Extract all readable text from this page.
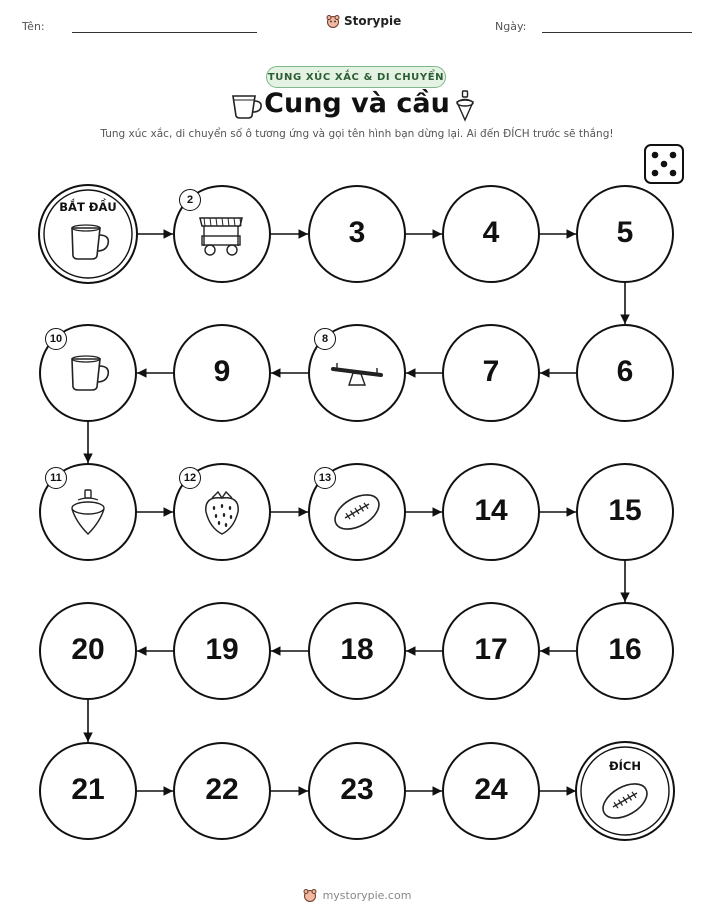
Tên:	Ngày:
Storypie
TUNG XÚC XẮC & DI CHUYỂN
Cung và cầu
Tung xúc xắc, di chuyển số ô tương ứng và gọi tên hình bạn dừng lại. Ai đến ĐÍCH trước sẽ thắng!
BẮT ĐẦU	2
3	4	5
6
7
8
9
10
11	12	13
14	15
16
17
18
19
20
21	22	23	24
ĐÍCH
mystorypie.com
